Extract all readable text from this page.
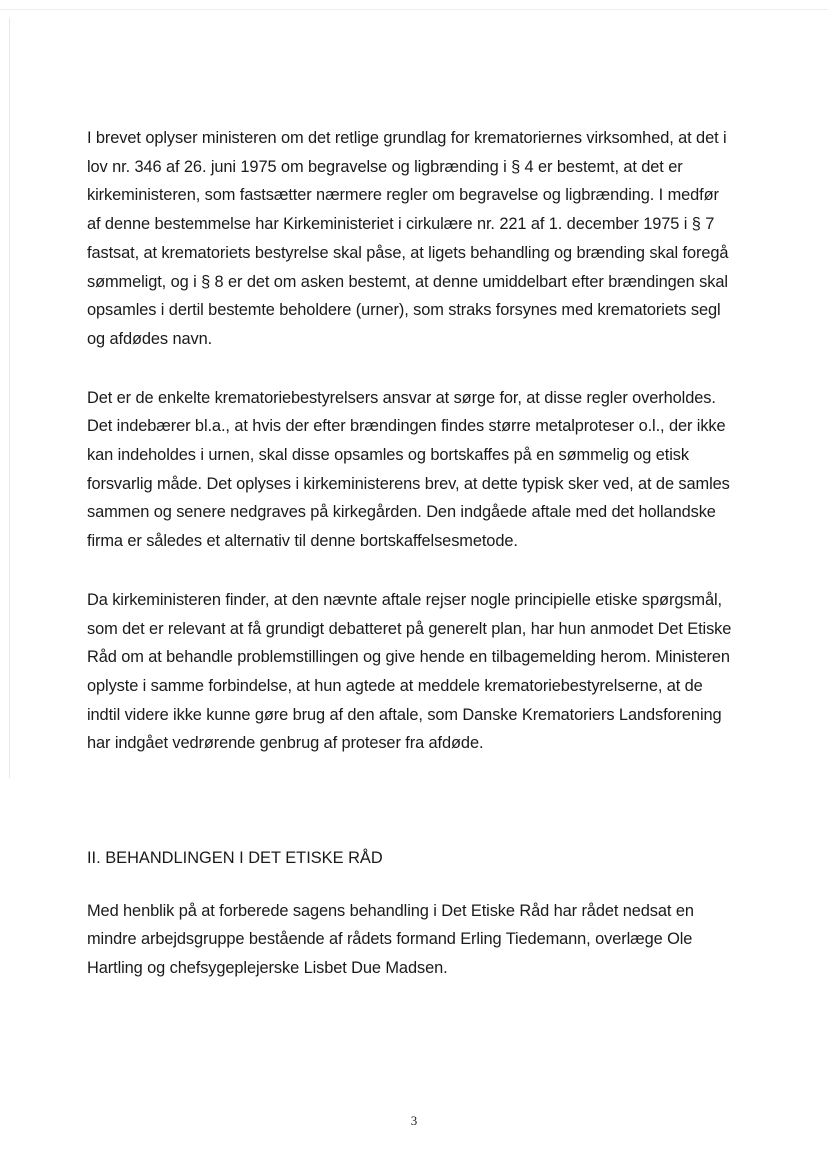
I brevet oplyser ministeren om det retlige grundlag for krematoriernes virksomhed, at det i
lov nr. 346 af 26. juni 1975 om begravelse og ligbrænding i § 4 er bestemt, at det er
kirkeministeren, som fastsætter nærmere regler om begravelse og ligbrænding. I medfør
af denne bestemmelse har Kirkeministeriet i cirkulære nr. 221 af 1. december 1975 i § 7
fastsat, at krematoriets bestyrelse skal påse, at ligets behandling og brænding skal foregå
sømmeligt, og i § 8 er det om asken bestemt, at denne umiddelbart efter brændingen skal
opsamles i dertil bestemte beholdere (urner), som straks forsynes med krematoriets segl
og afdødes navn.

Det er de enkelte krematoriebestyrelsers ansvar at sørge for, at disse regler overholdes.
Det indebærer bl.a., at hvis der efter brændingen findes større metalproteser o.l., der ikke
kan indeholdes i urnen, skal disse opsamles og bortskaffes på en sømmelig og etisk
forsvarlig måde. Det oplyses i kirkeministerens brev, at dette typisk sker ved, at de samles
sammen og senere nedgraves på kirkegården. Den indgåede aftale med det hollandske
firma er således et alternativ til denne bortskaffelsesmetode.

Da kirkeministeren finder, at den nævnte aftale rejser nogle principielle etiske spørgsmål,
som det er relevant at få grundigt debatteret på generelt plan, har hun anmodet Det Etiske
Råd om at behandle problemstillingen og give hende en tilbagemelding herom. Ministeren
oplyste i samme forbindelse, at hun agtede at meddele krematoriebestyrelserne, at de
indtil videre ikke kunne gøre brug af den aftale, som Danske Krematoriers Landsforening
har indgået vedrørende genbrug af proteser fra afdøde.

II. BEHANDLINGEN I DET ETISKE RÅD

Med henblik på at forberede sagens behandling i Det Etiske Råd har rådet nedsat en
mindre arbejdsgruppe bestående af rådets formand Erling Tiedemann, overlæge Ole
Hartling og chefsygeplejerske Lisbet Due Madsen.

3
